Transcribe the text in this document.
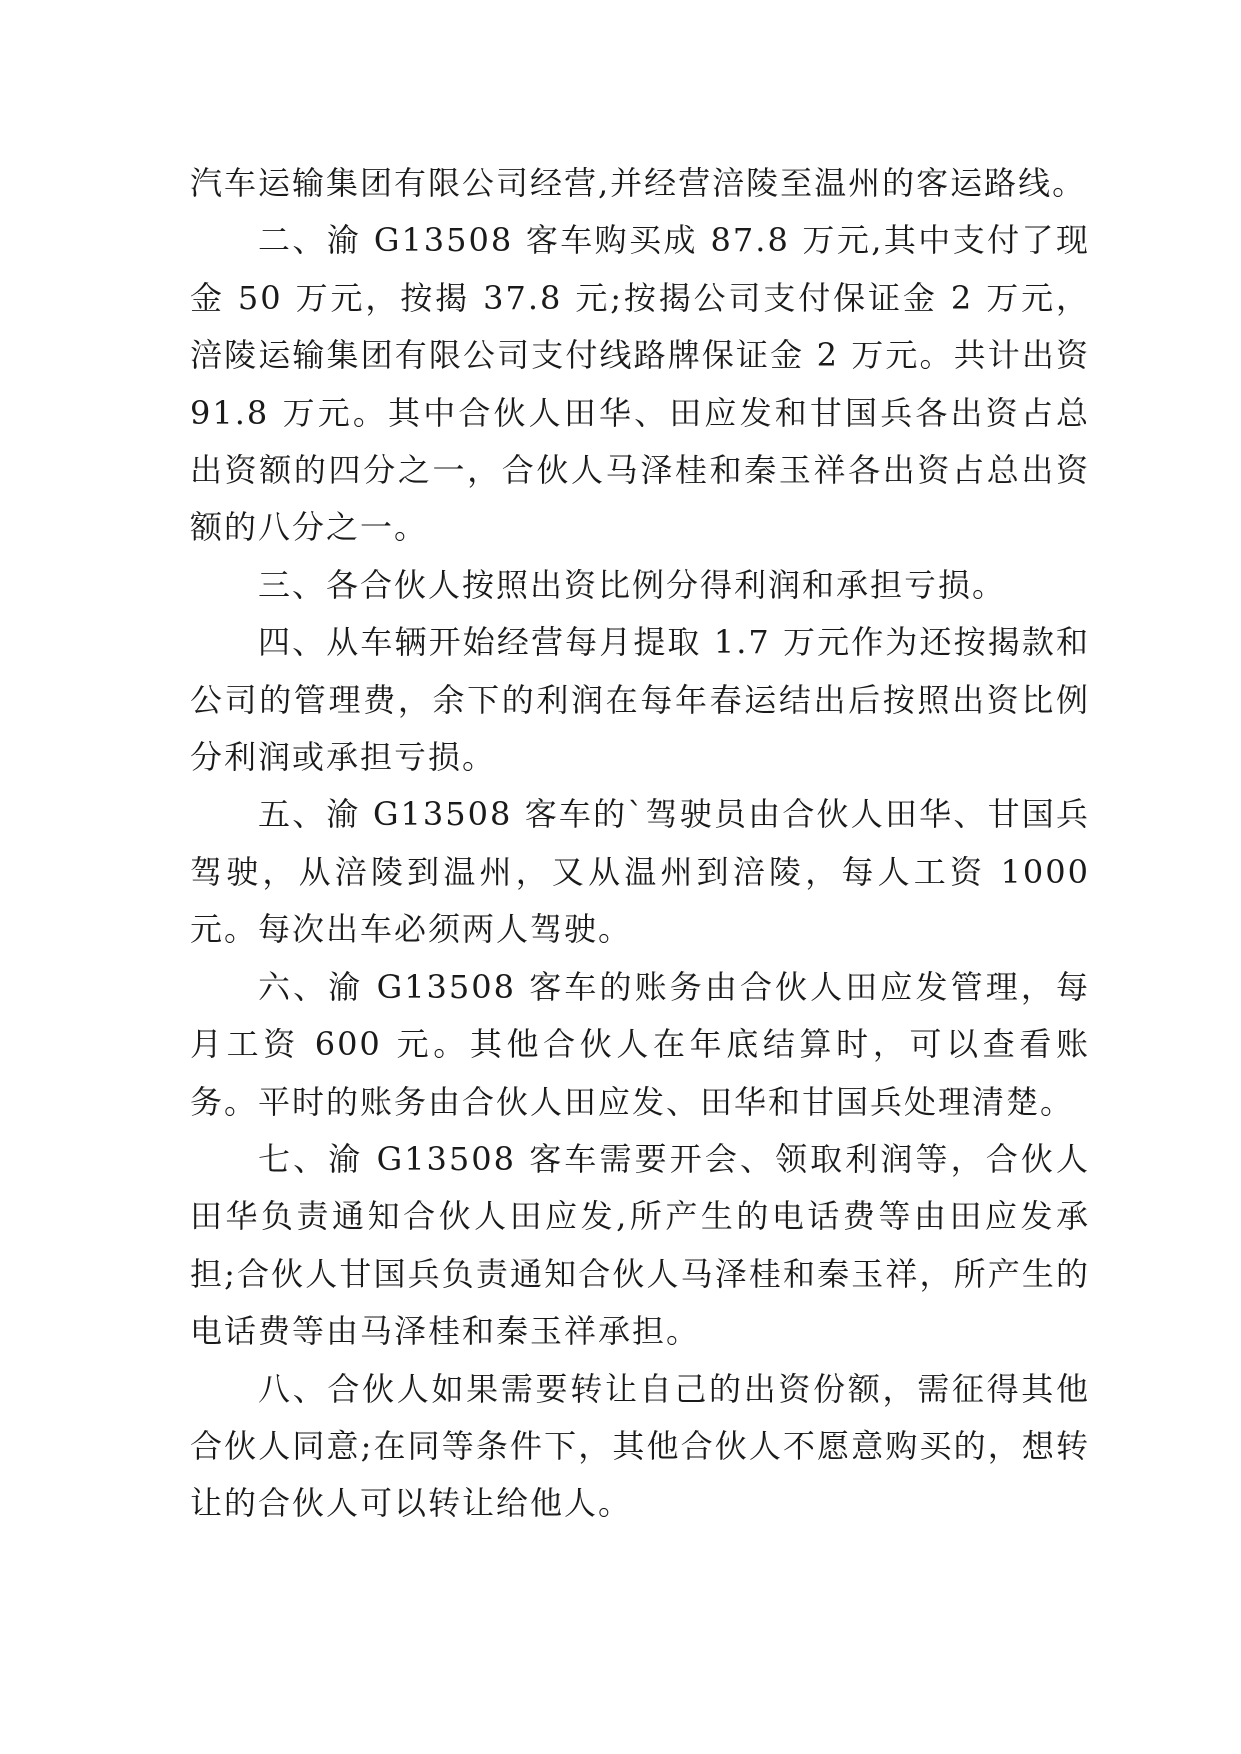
汽车运输集团有限公司经营,并经营涪陵至温州的客运路线。

二、渝 G13508 客车购买成 87.8 万元,其中支付了现金 50 万元，按揭 37.8 元;按揭公司支付保证金 2 万元，涪陵运输集团有限公司支付线路牌保证金 2 万元。共计出资 91.8 万元。其中合伙人田华、田应发和甘国兵各出资占总出资额的四分之一，合伙人马泽桂和秦玉祥各出资占总出资额的八分之一。

三、各合伙人按照出资比例分得利润和承担亏损。

四、从车辆开始经营每月提取 1.7 万元作为还按揭款和公司的管理费，余下的利润在每年春运结出后按照出资比例分利润或承担亏损。

五、渝 G13508 客车的`驾驶员由合伙人田华、甘国兵驾驶，从涪陵到温州，又从温州到涪陵，每人工资 1000 元。每次出车必须两人驾驶。

六、渝 G13508 客车的账务由合伙人田应发管理，每月工资 600 元。其他合伙人在年底结算时，可以查看账务。平时的账务由合伙人田应发、田华和甘国兵处理清楚。

七、渝 G13508 客车需要开会、领取利润等，合伙人田华负责通知合伙人田应发,所产生的电话费等由田应发承担;合伙人甘国兵负责通知合伙人马泽桂和秦玉祥，所产生的电话费等由马泽桂和秦玉祥承担。

八、合伙人如果需要转让自己的出资份额，需征得其他合伙人同意;在同等条件下，其他合伙人不愿意购买的，想转让的合伙人可以转让给他人。
